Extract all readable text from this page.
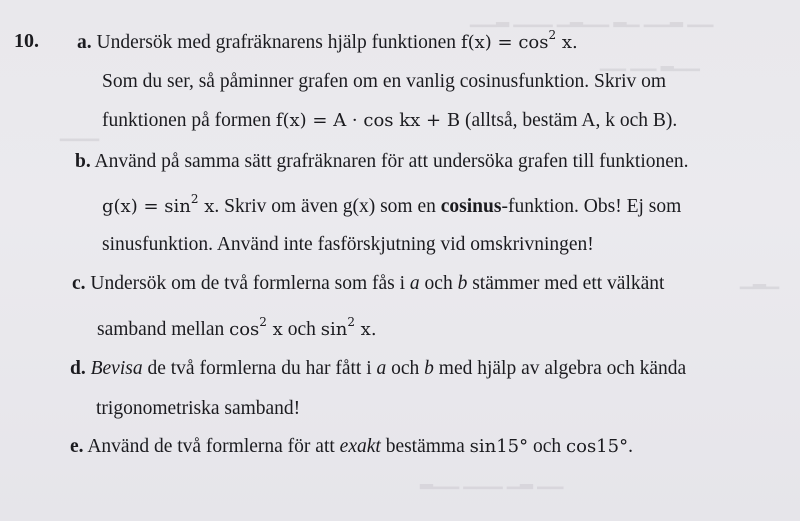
▁▁ ▂▁▁ ▁▂ ▁▁▂▁ ▁▁▁ ▂▁▁
▁▁▂ ▁▁ ▁▁
▁▁▁
▁▂▁
▁▁ ▂▁ ▁▁▁ ▁▁▂
10. a. Undersök med grafräknarens hjälp funktionen $f(x) = \cos^2 x$.
Som du ser, så påminner grafen om en vanlig cosinusfunktion. Skriv om
funktionen på formen f(x) = A · cos kx + B (alltså, bestäm A, k och B).
b. Använd på samma sätt grafräknaren för att undersöka grafen till funktionen.
$g(x) = \sin^2 x$. Skriv om även g(x) som en cosinus-funktion. Obs! Ej som
sinusfunktion. Använd inte fasförskjutning vid omskrivningen!
c. Undersök om de två formlerna som fås i a och b stämmer med ett välkänt
samband mellan $\cos^2 x$ och $\sin^2 x$.
d. Bevisa de två formlerna du har fått i a och b med hjälp av algebra och kända
trigonometriska samband!
e. Använd de två formlerna för att exakt bestämma sin15° och cos15°.
